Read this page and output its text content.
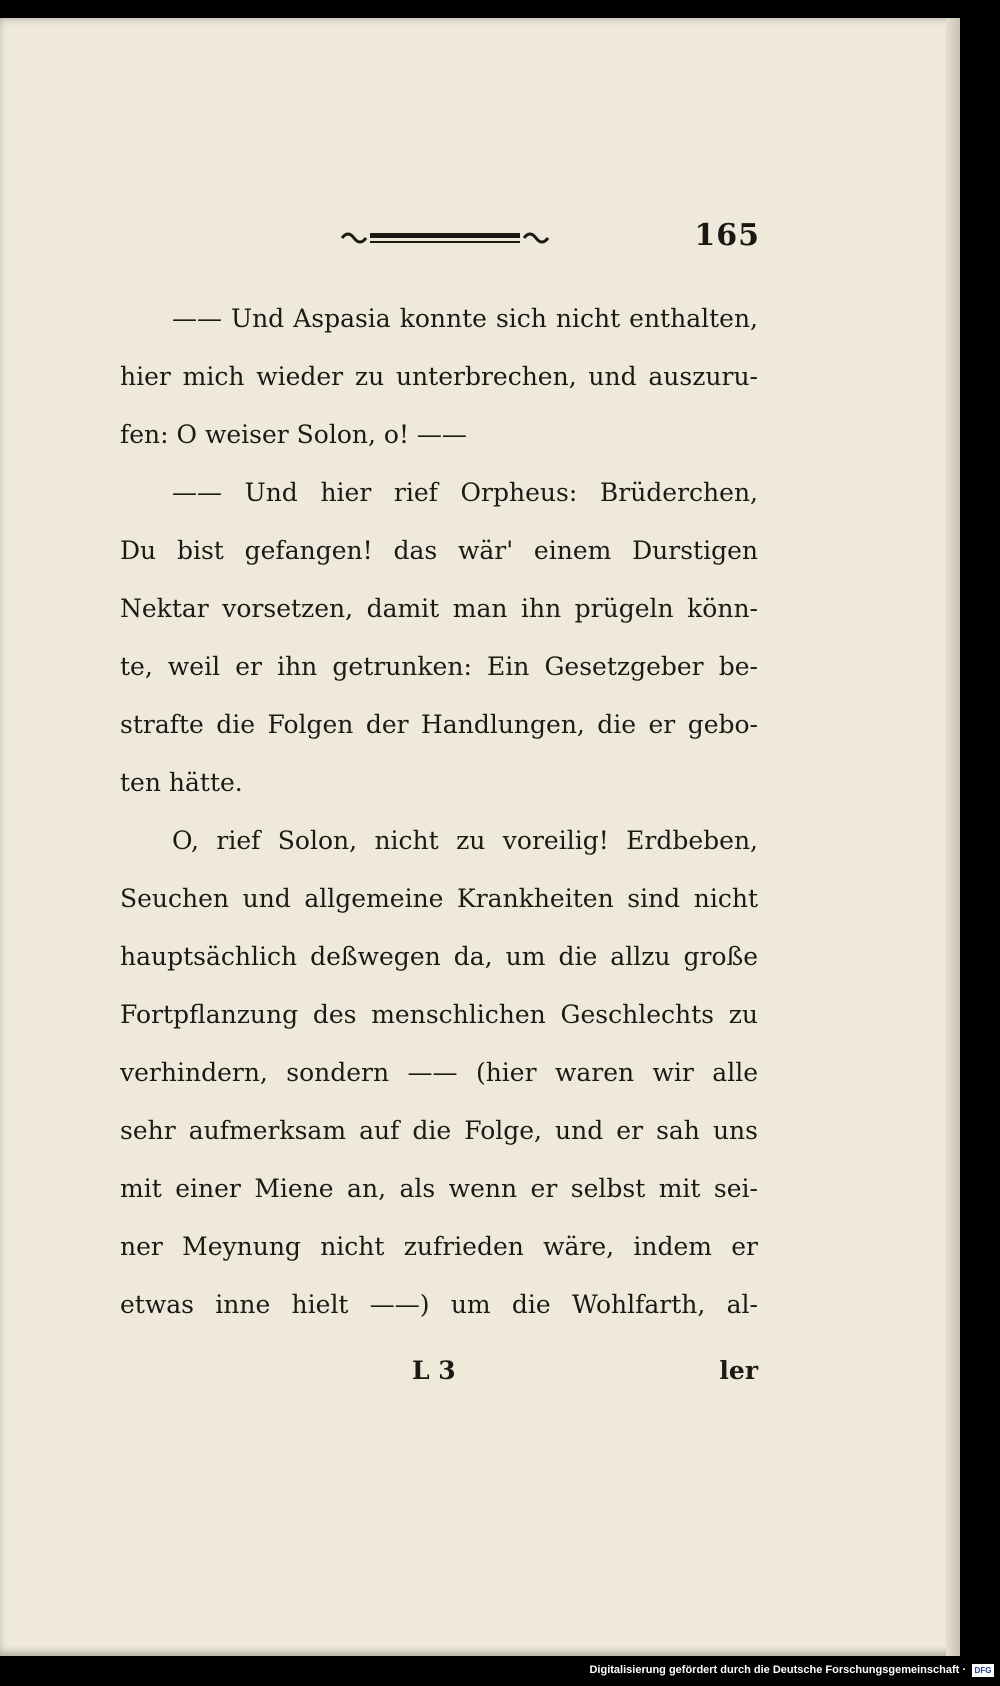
165
—— Und Aspasia konnte sich nicht enthalten,
hier mich wieder zu unterbrechen, und auszuru-
fen: O weiser Solon, o! ——
—— Und hier rief Orpheus: Brüderchen,
Du bist gefangen! das wär' einem Durstigen
Nektar vorsetzen, damit man ihn prügeln könn-
te, weil er ihn getrunken: Ein Gesetzgeber be-
strafte die Folgen der Handlungen, die er gebo-
ten hätte.
O, rief Solon, nicht zu voreilig! Erdbeben,
Seuchen und allgemeine Krankheiten sind nicht
hauptsächlich deßwegen da, um die allzu große
Fortpflanzung des menschlichen Geschlechts zu
verhindern, sondern —— (hier waren wir alle
sehr aufmerksam auf die Folge, und er sah uns
mit einer Miene an, als wenn er selbst mit sei-
ner Meynung nicht zufrieden wäre, indem er
etwas inne hielt ——) um die Wohlfarth, al-
L 3	ler
Digitalisierung gefördert durch die Deutsche Forschungsgemeinschaft ·	DFG
